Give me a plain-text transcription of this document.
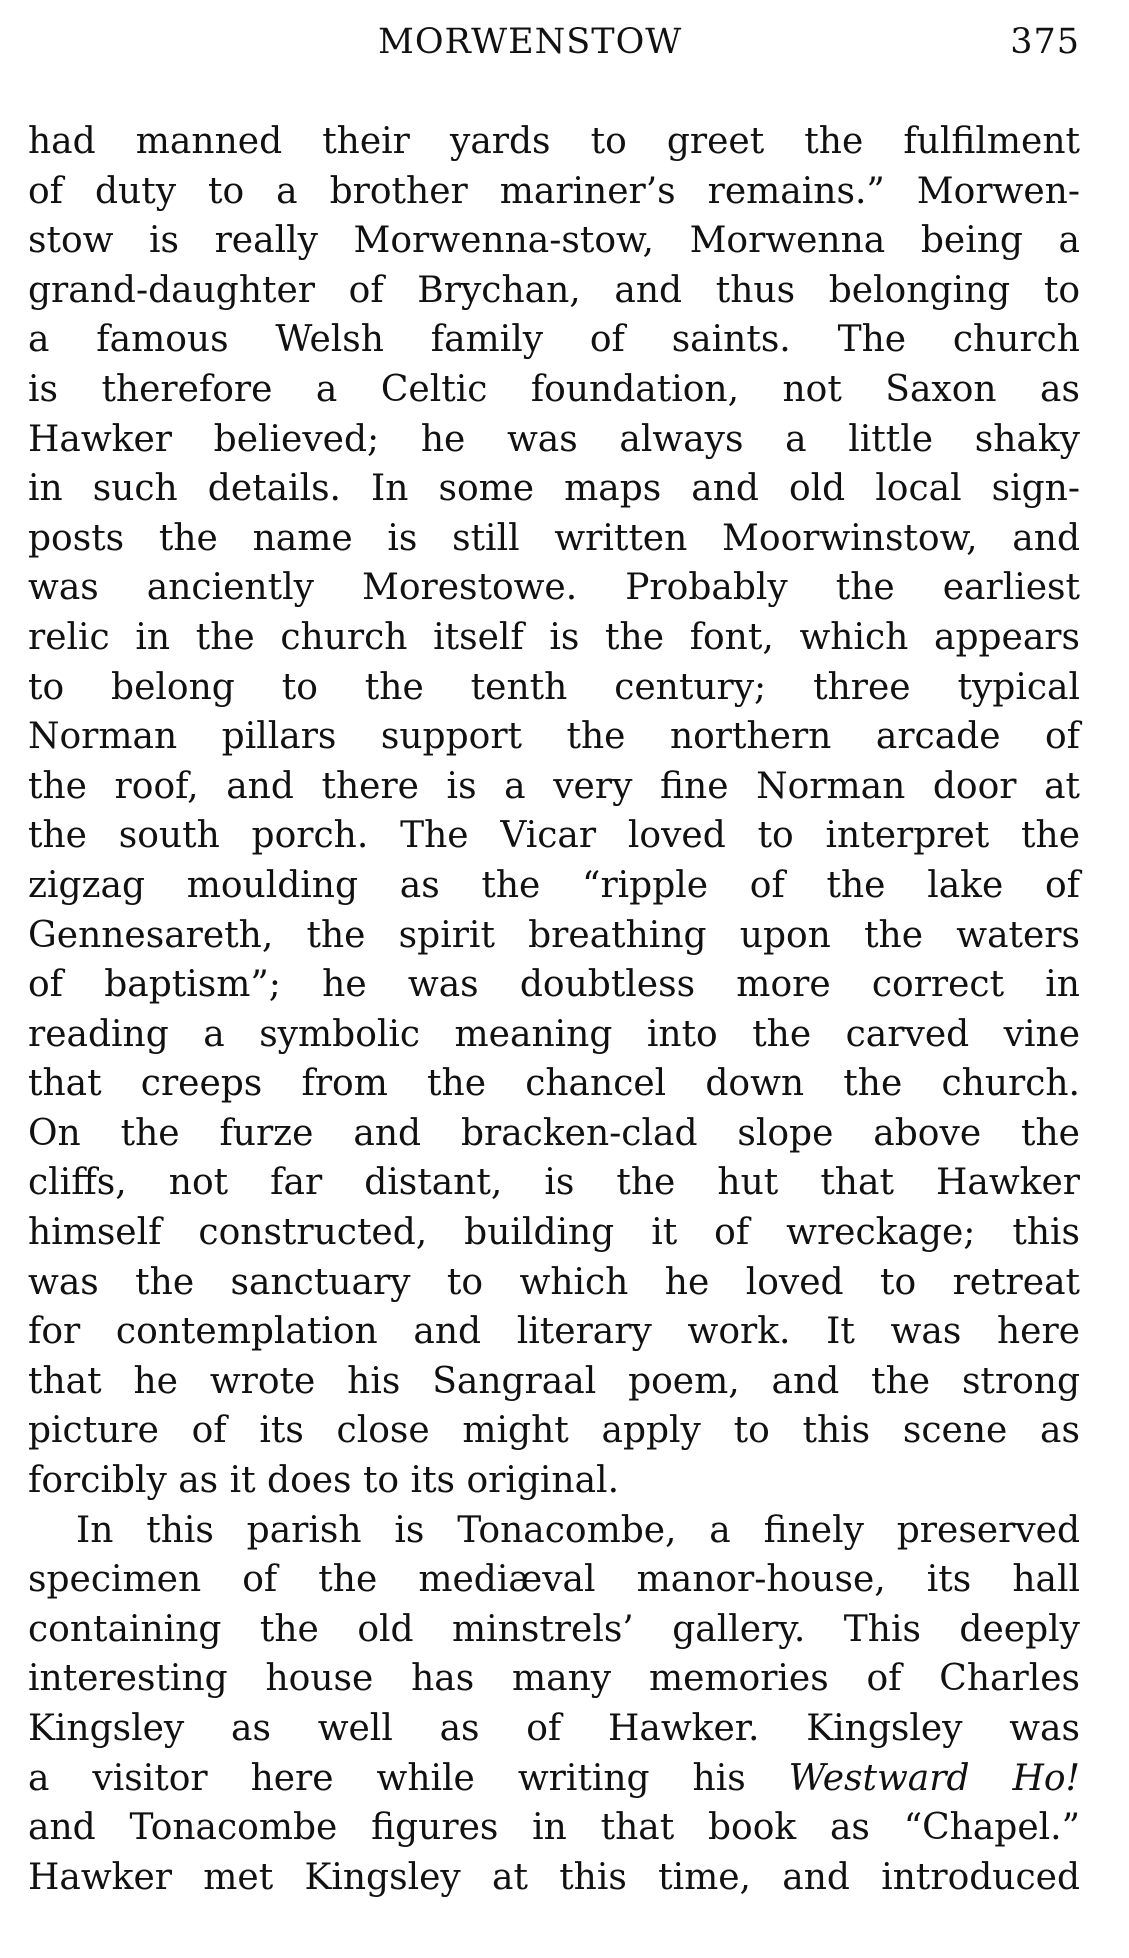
MORWENSTOW	375
had manned their yards to greet the fulfilment
of duty to a brother mariner’s remains.” Morwen-
stow is really Morwenna-stow, Morwenna being a
grand-daughter of Brychan, and thus belonging to
a famous Welsh family of saints. The church
is therefore a Celtic foundation, not Saxon as
Hawker believed; he was always a little shaky
in such details. In some maps and old local sign-
posts the name is still written Moorwinstow, and
was anciently Morestowe. Probably the earliest
relic in the church itself is the font, which appears
to belong to the tenth century; three typical
Norman pillars support the northern arcade of
the roof, and there is a very fine Norman door at
the south porch. The Vicar loved to interpret the
zigzag moulding as the “ripple of the lake of
Gennesareth, the spirit breathing upon the waters
of baptism”; he was doubtless more correct in
reading a symbolic meaning into the carved vine
that creeps from the chancel down the church.
On the furze and bracken-clad slope above the
cliffs, not far distant, is the hut that Hawker
himself constructed, building it of wreckage; this
was the sanctuary to which he loved to retreat
for contemplation and literary work. It was here
that he wrote his Sangraal poem, and the strong
picture of its close might apply to this scene as
forcibly as it does to its original.
In this parish is Tonacombe, a finely preserved
specimen of the mediæval manor-house, its hall
containing the old minstrels’ gallery. This deeply
interesting house has many memories of Charles
Kingsley as well as of Hawker. Kingsley was
a visitor here while writing his Westward Ho!
and Tonacombe figures in that book as “Chapel.”
Hawker met Kingsley at this time, and introduced
